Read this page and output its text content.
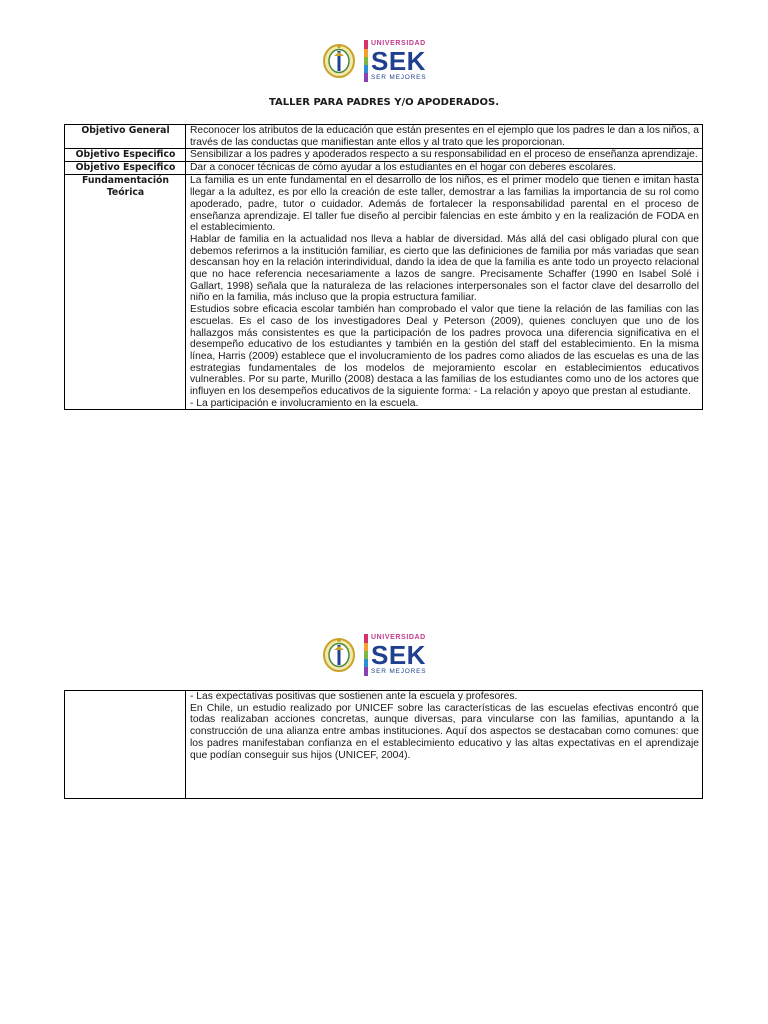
UNIVERSIDAD
SEK
SER MEJORES
TALLER PARA PADRES Y/O APODERADOS.
Objetivo General	Reconocer los atributos de la educación que están presentes en el ejemplo que los padres le dan a los niños, a través de las conductas que manifiestan ante ellos y al trato que les proporcionan.

Objetivo Especifico	Sensibilizar a los padres y apoderados respecto a su responsabilidad en el proceso de enseñanza aprendizaje.

Objetivo Especifico	Dar a conocer técnicas de cómo ayudar a los estudiantes en el hogar con deberes escolares.

Fundamentación Teórica	La familia es un ente fundamental en el desarrollo de los niños, es el primer modelo que tienen e imitan hasta llegar a la adultez, es por ello la creación de este taller, demostrar a las familias la importancia de su rol como apoderado, padre, tutor o cuidador. Además de fortalecer la responsabilidad parental en el proceso de enseñanza aprendizaje. El taller fue diseño al percibir falencias en este ámbito y en la realización de FODA en el establecimiento.

Hablar de familia en la actualidad nos lleva a hablar de diversidad. Más allá del casi obligado plural con que debemos referirnos a la institución familiar, es cierto que las definiciones de familia por más variadas que sean descansan hoy en la relación interindividual, dando la idea de que la familia es ante todo un proyecto relacional que no hace referencia necesariamente a lazos de sangre. Precisamente Schaffer (1990 en Isabel Solé i Gallart, 1998) señala que la naturaleza de las relaciones interpersonales son el factor clave del desarrollo del niño en la familia, más incluso que la propia estructura familiar.

Estudios sobre eficacia escolar también han comprobado el valor que tiene la relación de las familias con las escuelas. Es el caso de los investigadores Deal y Peterson (2009), quienes concluyen que uno de los hallazgos más consistentes es que la participación de los padres provoca una diferencia significativa en el desempeño educativo de los estudiantes y también en la gestión del staff del establecimiento. En la misma línea, Harris (2009) establece que el involucramiento de los padres como aliados de las escuelas es una de las estrategias fundamentales de los modelos de mejoramiento escolar en establecimientos educativos vulnerables. Por su parte, Murillo (2008) destaca a las familias de los estudiantes como uno de los actores que influyen en los desempeños educativos de la siguiente forma: - La relación y apoyo que prestan al estudiante.

- La participación e involucramiento en la escuela.

UNIVERSIDAD
SEK
SER MEJORES

- Las expectativas positivas que sostienen ante la escuela y profesores.

En Chile, un estudio realizado por UNICEF sobre las características de las escuelas efectivas encontró que todas realizaban acciones concretas, aunque diversas, para vincularse con las familias, apuntando a la construcción de una alianza entre ambas instituciones. Aquí dos aspectos se destacaban como comunes: que los padres manifestaban confianza en el establecimiento educativo y las altas expectativas en el aprendizaje que podían conseguir sus hijos (UNICEF, 2004).
